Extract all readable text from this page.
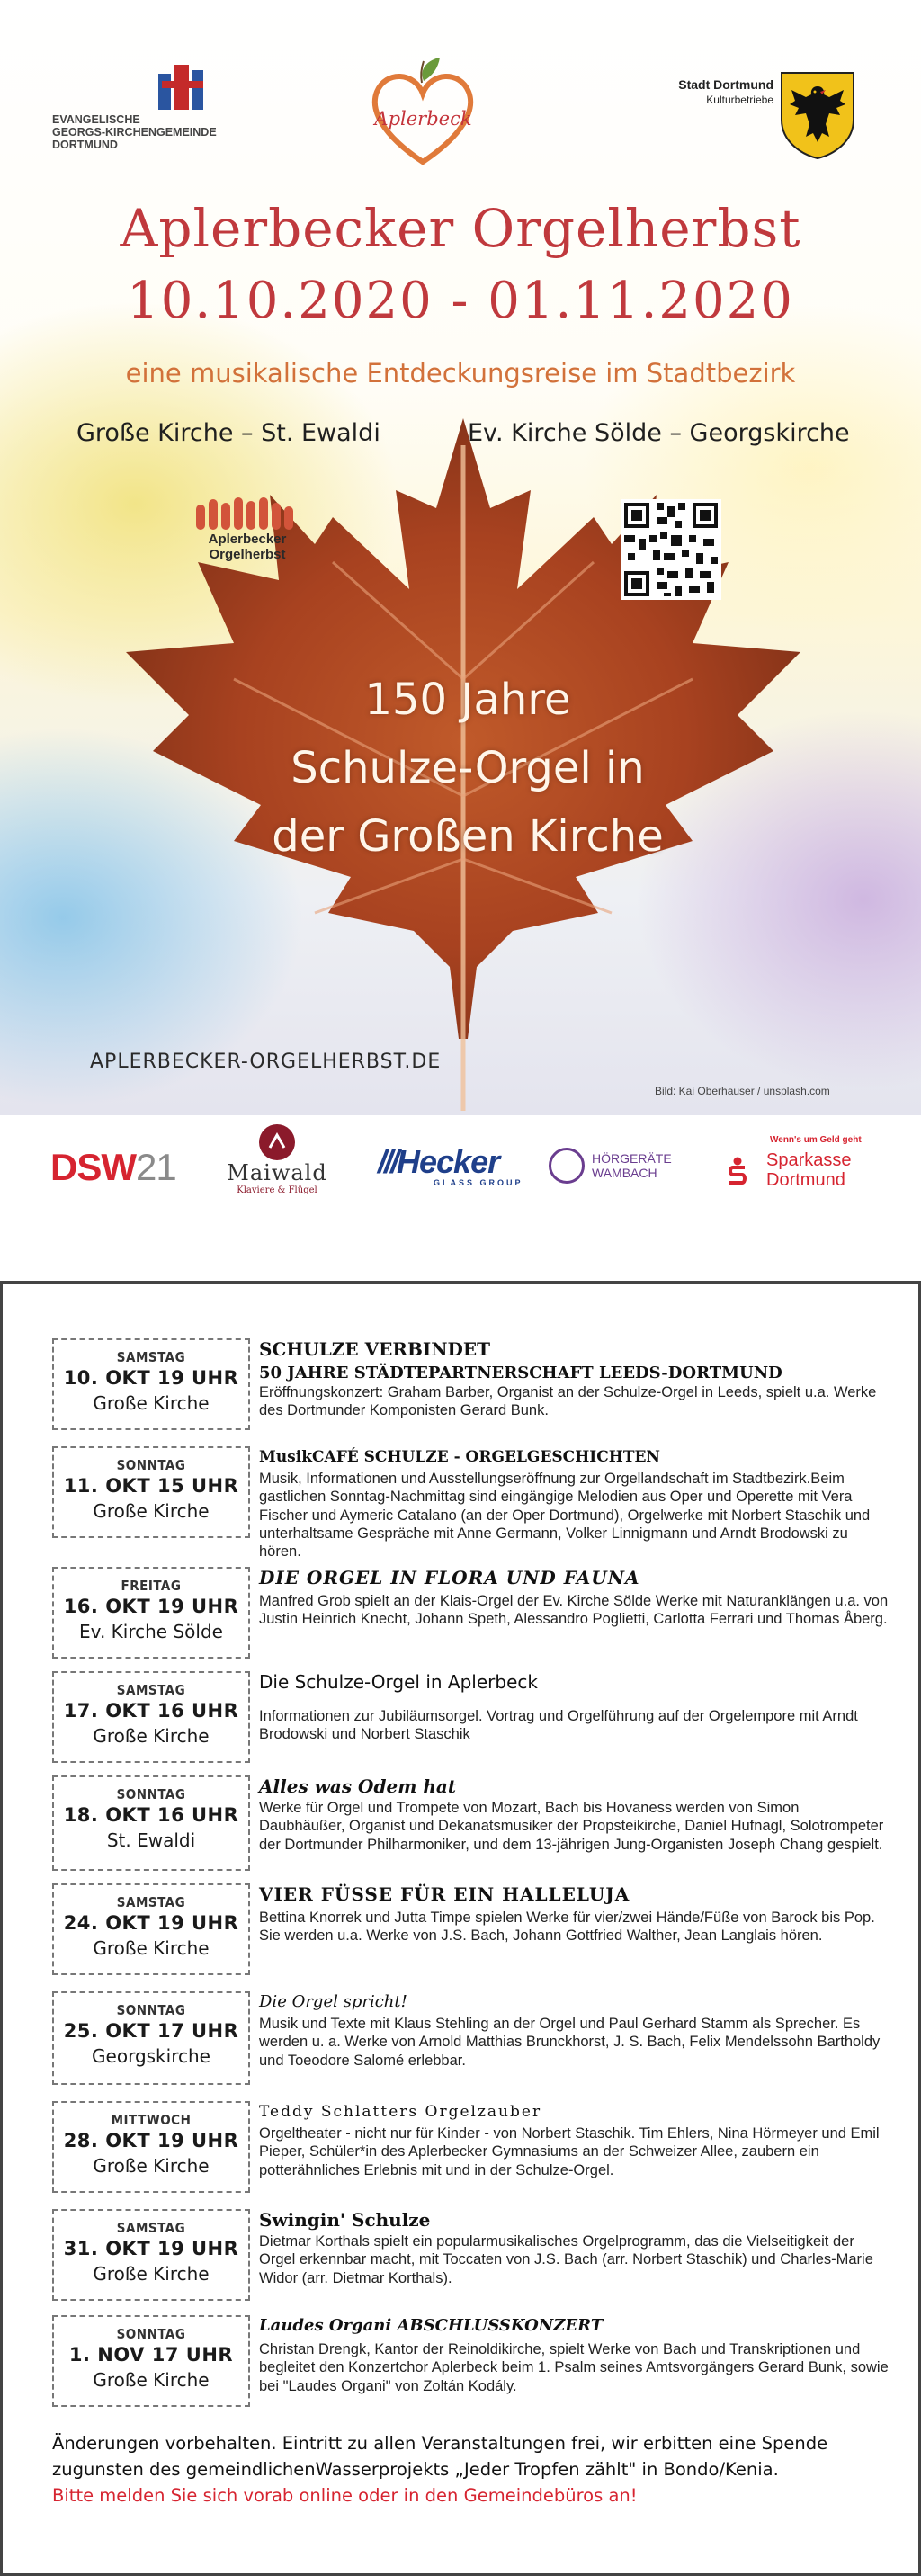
EVANGELISCHE
GEORGS-KIRCHENGEMEINDE
DORTMUND
Aplerbeck
Stadt Dortmund
Kulturbetriebe
Aplerbecker Orgelherbst
10.10.2020 - 01.11.2020
eine musikalische Entdeckungsreise im Stadtbezirk
Große Kirche – St. Ewaldi	Ev. Kirche Sölde – Georgskirche
Aplerbecker
Orgelherbst
150 Jahre
Schulze-Orgel in
der Großen Kirche
APLERBECKER-ORGELHERBST.DE
Bild: Kai Oberhauser / unsplash.com
DSW21	Maiwald
Klaviere & Flügel
///Hecker
GLASS GROUP
HÖRGERÄTE
WAMBACH
Wenn's um Geld geht
Sparkasse
Dortmund
SAMSTAG
10. OKT 19 UHR
Große Kirche
SCHULZE VERBINDET
50 JAHRE STÄDTEPARTNERSCHAFT LEEDS-DORTMUND
Eröffnungskonzert: Graham Barber, Organist an der Schulze-Orgel in Leeds, spielt u.a. Werke des Dortmunder Komponisten Gerard Bunk.
SONNTAG
11. OKT 15 UHR
Große Kirche
MusikCAFÉ SCHULZE - ORGELGESCHICHTEN
Musik, Informationen und Ausstellungseröffnung zur Orgellandschaft im Stadtbezirk.Beim gastlichen Sonntag-Nachmittag sind eingängige Melodien aus Oper und Operette mit Vera Fischer und Aymeric Catalano (an der Oper Dortmund), Orgelwerke mit Norbert Staschik und unterhaltsame Gespräche mit Anne Germann, Volker Linnigmann und Arndt Brodowski zu hören.
FREITAG
16. OKT 19 UHR
Ev. Kirche Sölde
DIE ORGEL IN FLORA UND FAUNA
Manfred Grob spielt an der Klais-Orgel der Ev. Kirche Sölde Werke mit Naturanklängen u.a. von Justin Heinrich Knecht, Johann Speth, Alessandro Poglietti, Carlotta Ferrari und Thomas Åberg.
SAMSTAG
17. OKT 16 UHR
Große Kirche
Die Schulze-Orgel in Aplerbeck
Informationen zur Jubiläumsorgel. Vortrag und Orgelführung auf der Orgelempore mit Arndt Brodowski und Norbert Staschik
SONNTAG
18. OKT 16 UHR
St. Ewaldi
Alles was Odem hat
Werke für Orgel und Trompete von Mozart, Bach bis Hovaness werden von Simon Daubhäußer, Organist und Dekanatsmusiker der Propsteikirche, Daniel Hufnagl, Solotrompeter der Dortmunder Philharmoniker, und dem 13-jährigen Jung-Organisten Joseph Chang gespielt.
SAMSTAG
24. OKT 19 UHR
Große Kirche
VIER FÜSSE FÜR EIN HALLELUJA
Bettina Knorrek und Jutta Timpe spielen Werke für vier/zwei Hände/Füße von Barock bis Pop. Sie werden u.a. Werke von J.S. Bach, Johann Gottfried Walther, Jean Langlais hören.
SONNTAG
25. OKT 17 UHR
Georgskirche
Die Orgel spricht!
Musik und Texte mit Klaus Stehling an der Orgel und Paul Gerhard Stamm als Sprecher. Es werden u. a. Werke von Arnold Matthias Brunckhorst, J. S. Bach, Felix Mendelssohn Bartholdy und Toeodore Salomé erlebbar.
MITTWOCH
28. OKT 19 UHR
Große Kirche
Teddy Schlatters Orgelzauber
Orgeltheater - nicht nur für Kinder - von Norbert Staschik. Tim Ehlers, Nina Hörmeyer und Emil Pieper, Schüler*in des Aplerbecker Gymnasiums an der Schweizer Allee, zaubern ein potterähnliches Erlebnis mit und in der Schulze-Orgel.
SAMSTAG
31. OKT 19 UHR
Große Kirche
Swingin' Schulze
Dietmar Korthals spielt ein popularmusikalisches Orgelprogramm, das die Vielseitigkeit der Orgel erkennbar macht, mit Toccaten von J.S. Bach (arr. Norbert Staschik) und Charles-Marie Widor (arr. Dietmar Korthals).
SONNTAG
1. NOV 17 UHR
Große Kirche
Laudes Organi ABSCHLUSSKONZERT
Christan Drengk, Kantor der Reinoldikirche, spielt Werke von Bach und Transkriptionen und begleitet den Konzertchor Aplerbeck beim 1. Psalm seines Amtsvorgängers Gerard Bunk, sowie bei "Laudes Organi" von Zoltán Kodály.
Änderungen vorbehalten. Eintritt zu allen Veranstaltungen frei, wir erbitten eine Spende
zugunsten des gemeindlichenWasserprojekts „Jeder Tropfen zählt" in Bondo/Kenia.
Bitte melden Sie sich vorab online oder in den Gemeindebüros an!
